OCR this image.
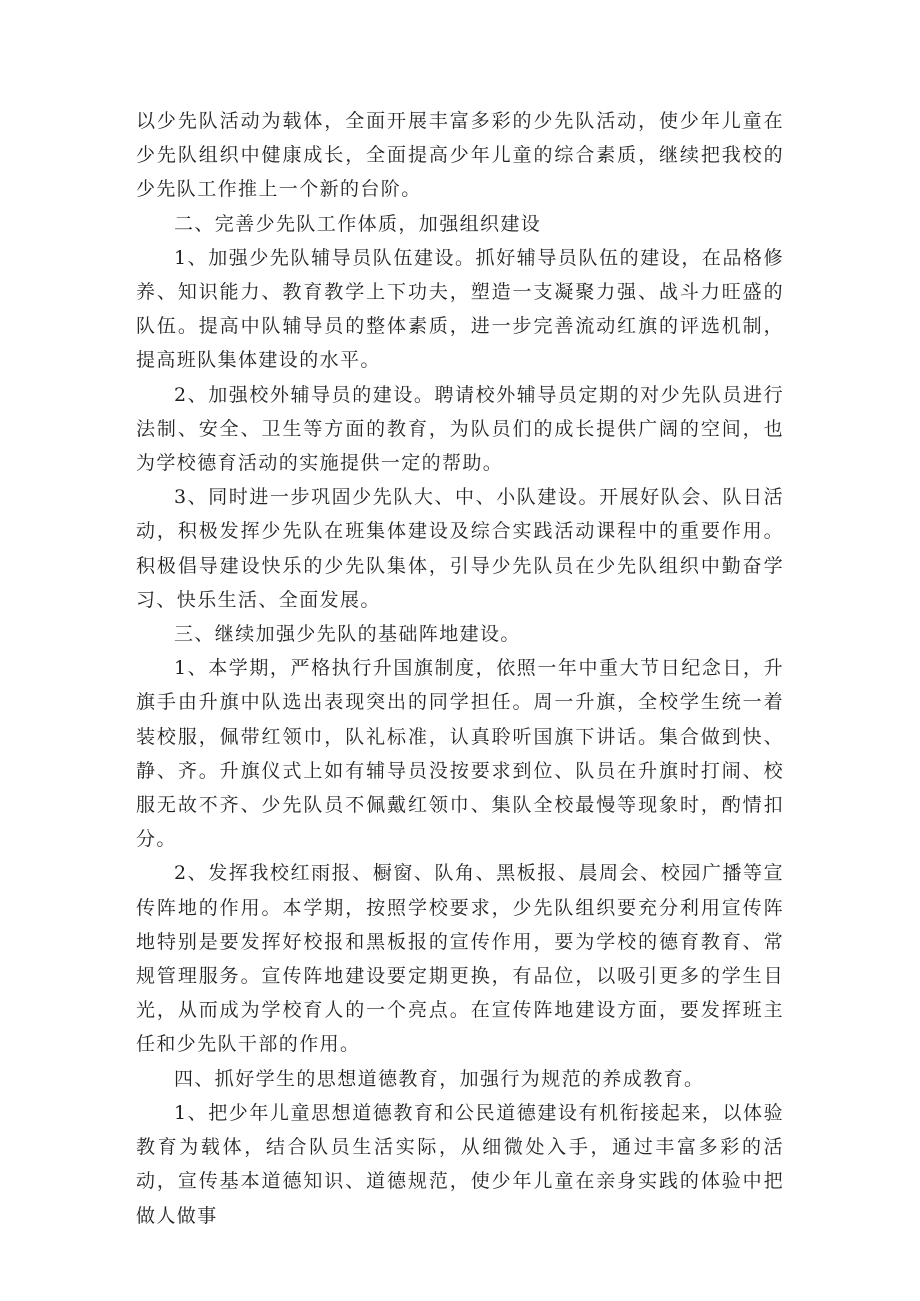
以少先队活动为载体，全面开展丰富多彩的少先队活动，使少年儿童在少先队组织中健康成长，全面提高少年儿童的综合素质，继续把我校的少先队工作推上一个新的台阶。

二、完善少先队工作体质，加强组织建设

1、加强少先队辅导员队伍建设。抓好辅导员队伍的建设，在品格修养、知识能力、教育教学上下功夫，塑造一支凝聚力强、战斗力旺盛的队伍。提高中队辅导员的整体素质，进一步完善流动红旗的评选机制，提高班队集体建设的水平。

2、加强校外辅导员的建设。聘请校外辅导员定期的对少先队员进行法制、安全、卫生等方面的教育，为队员们的成长提供广阔的空间，也为学校德育活动的实施提供一定的帮助。

3、同时进一步巩固少先队大、中、小队建设。开展好队会、队日活动，积极发挥少先队在班集体建设及综合实践活动课程中的重要作用。积极倡导建设快乐的少先队集体，引导少先队员在少先队组织中勤奋学习、快乐生活、全面发展。

三、继续加强少先队的基础阵地建设。

1、本学期，严格执行升国旗制度，依照一年中重大节日纪念日，升旗手由升旗中队选出表现突出的同学担任。周一升旗，全校学生统一着装校服，佩带红领巾，队礼标准，认真聆听国旗下讲话。集合做到快、静、齐。升旗仪式上如有辅导员没按要求到位、队员在升旗时打闹、校服无故不齐、少先队员不佩戴红领巾、集队全校最慢等现象时，酌情扣分。

2、发挥我校红雨报、橱窗、队角、黑板报、晨周会、校园广播等宣传阵地的作用。本学期，按照学校要求，少先队组织要充分利用宣传阵地特别是要发挥好校报和黑板报的宣传作用，要为学校的德育教育、常规管理服务。宣传阵地建设要定期更换，有品位，以吸引更多的学生目光，从而成为学校育人的一个亮点。在宣传阵地建设方面，要发挥班主任和少先队干部的作用。

四、抓好学生的思想道德教育，加强行为规范的养成教育。

1、把少年儿童思想道德教育和公民道德建设有机衔接起来，以体验教育为载体，结合队员生活实际，从细微处入手，通过丰富多彩的活动，宣传基本道德知识、道德规范，使少年儿童在亲身实践的体验中把做人做事
